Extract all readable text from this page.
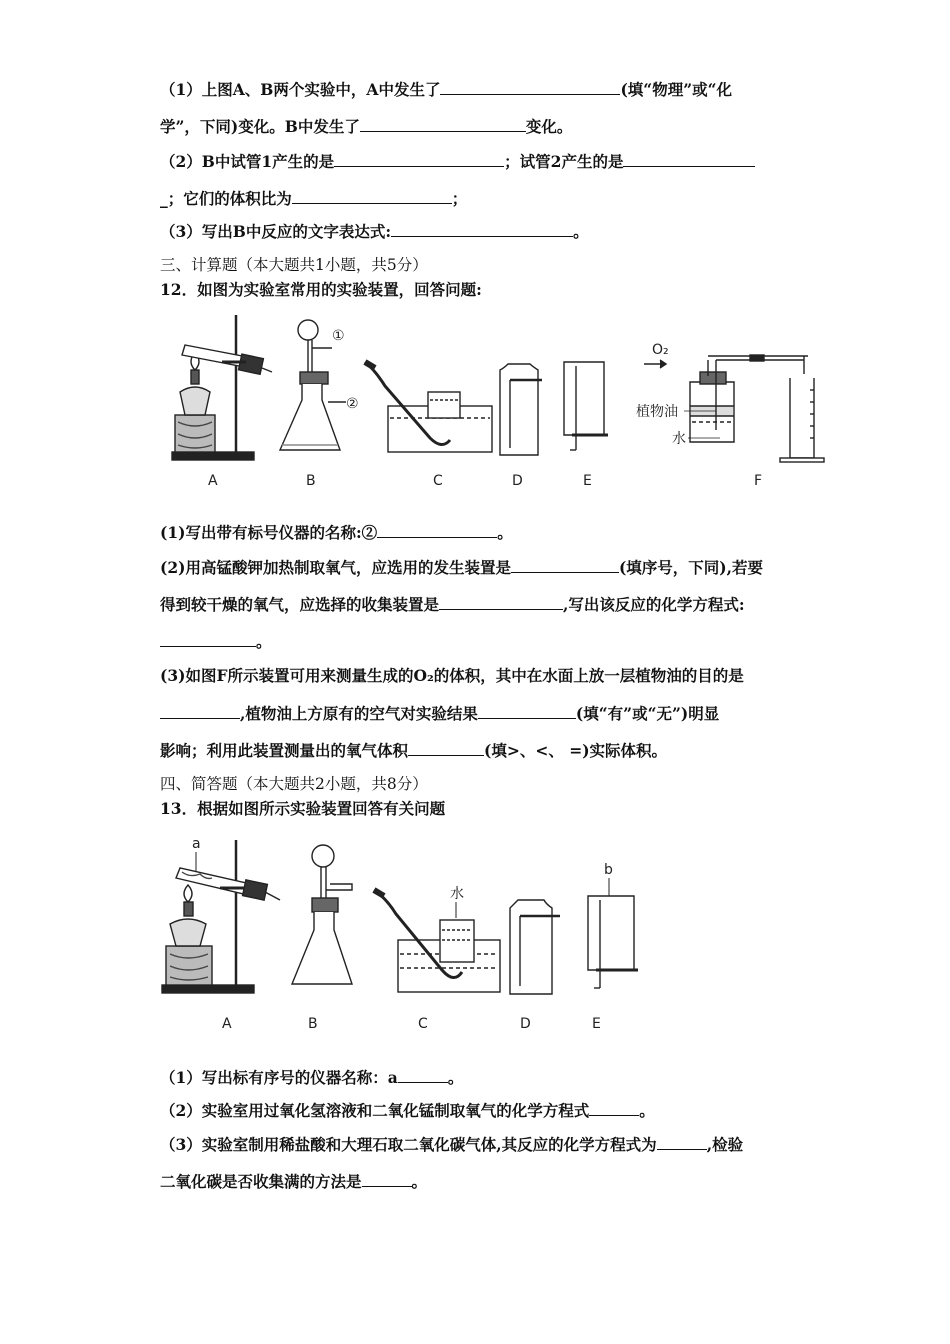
（1）上图A、B两个实验中，A中发生了	(填“物理”或“化
学”，下同)变化。B中发生了	变化。
（2）B中试管1产生的是	；试管2产生的是
_；它们的体积比为	；
（3）写出B中反应的文字表达式:	。
三、计算题（本大题共1小题，共5分）
12．如图为实验室常用的实验装置，回答问题:
A
①
②
B	C	D	E
O₂
植物油
水
F
(1)写出带有标号仪器的名称:②	。
(2)用高锰酸钾加热制取氧气，应选用的发生装置是	(填序号，下同),若要
得到较干燥的氧气，应选择的收集装置是	,写出该反应的化学方程式:
。
(3)如图F所示装置可用来测量生成的O₂的体积，其中在水面上放一层植物油的目的是
,植物油上方原有的空气对实验结果	(填“有”或“无”)明显
影响；利用此装置测量出的氧气体积	(填>、<、 =)实际体积。
四、简答题（本大题共2小题，共8分）
13．根据如图所示实验装置回答有关问题
a
A	B
水
C	D
b
E
（1）写出标有序号的仪器名称：a	。
（2）实验室用过氧化氢溶液和二氧化锰制取氧气的化学方程式	。
（3）实验室制用稀盐酸和大理石取二氧化碳气体,其反应的化学方程式为	,检验
二氧化碳是否收集满的方法是	。
